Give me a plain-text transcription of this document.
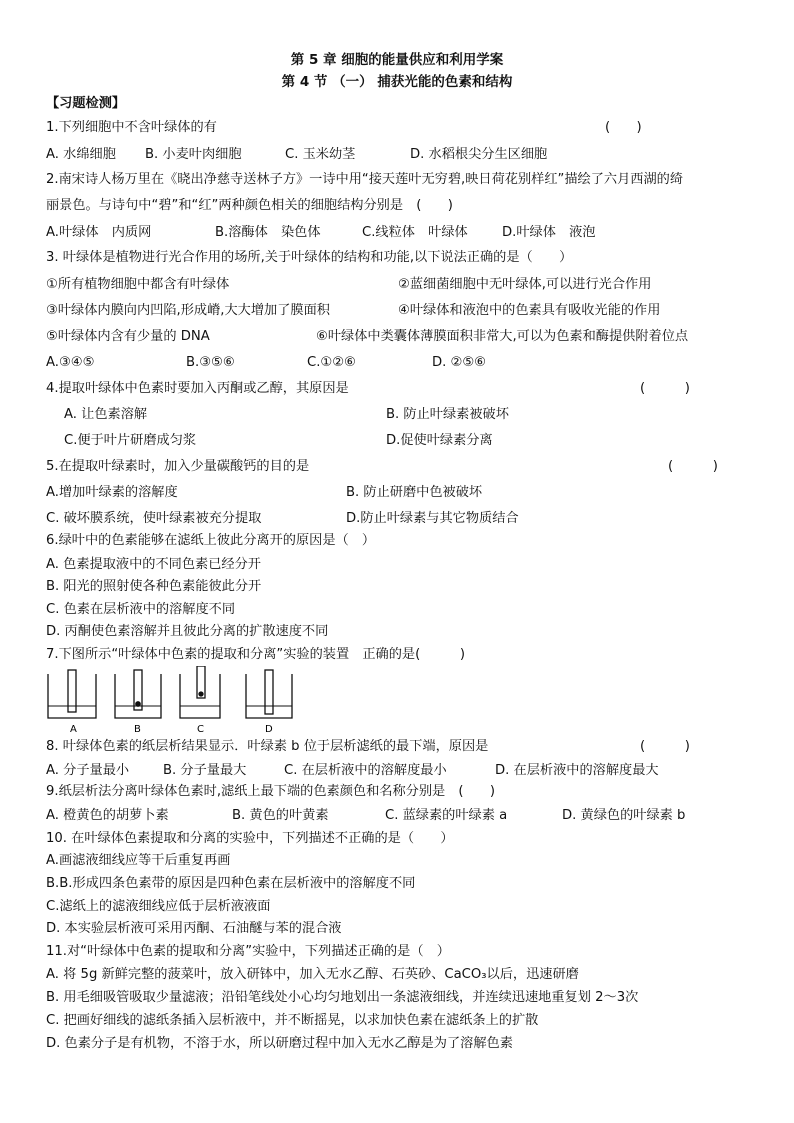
第 5 章 细胞的能量供应和利用学案
第 4 节 （一） 捕获光能的色素和结构
【习题检测】
1.下列细胞中不含叶绿体的有	(　　)
A. 水绵细胞 B. 小麦叶肉细胞	C. 玉米幼茎	D. 水稻根尖分生区细胞
2.南宋诗人杨万里在《晓出净慈寺送林子方》一诗中用“接天莲叶无穷碧,映日荷花别样红”描绘了六月西湖的绮
丽景色。与诗句中“碧”和“红”两种颜色相关的细胞结构分别是　(　　)
A.叶绿体　内质网	B.溶酶体　染色体	C.线粒体　叶绿体	D.叶绿体　液泡
3. 叶绿体是植物进行光合作用的场所,关于叶绿体的结构和功能,以下说法正确的是（　　）
①所有植物细胞中都含有叶绿体	②蓝细菌细胞中无叶绿体,可以进行光合作用
③叶绿体内膜向内凹陷,形成嵴,大大增加了膜面积	④叶绿体和液泡中的色素具有吸收光能的作用
⑤叶绿体内含有少量的 DNA	⑥叶绿体中类囊体薄膜面积非常大,可以为色素和酶提供附着位点
A.③④⑤	B.③⑤⑥	C.①②⑥	D. ②⑤⑥
4.提取叶绿体中色素时要加入丙酮或乙醇，其原因是	(　　　)
A. 让色素溶解	B. 防止叶绿素被破坏
C.便于叶片研磨成匀浆	D.促使叶绿素分离
5.在提取叶绿素时，加入少量碳酸钙的目的是	(　　　)
A.增加叶绿素的溶解度	B. 防止研磨中色被破坏
C. 破坏膜系统，使叶绿素被充分提取	D.防止叶绿素与其它物质结合
6.绿叶中的色素能够在滤纸上彼此分离开的原因是（　）
A. 色素提取液中的不同色素已经分开
B. 阳光的照射使各种色素能彼此分开
C. 色素在层析液中的溶解度不同
D. 丙酮使色素溶解并且彼此分离的扩散速度不同
7.下图所示“叶绿体中色素的提取和分离”实验的装置　正确的是(　　　)
A	B	C	D
8. 叶绿体色素的纸层析结果显示．叶绿素 b 位于层析滤纸的最下端，原因是	(　　　)
A. 分子量最小	B. 分子量最大	C. 在层析液中的溶解度最小	D. 在层析液中的溶解度最大
9.纸层析法分离叶绿体色素时,滤纸上最下端的色素颜色和名称分别是　(　　)
A. 橙黄色的胡萝卜素	B. 黄色的叶黄素	C. 蓝绿素的叶绿素 a	D. 黄绿色的叶绿素 b
10. 在叶绿体色素提取和分离的实验中，下列描述不正确的是（　　）
A.画滤液细线应等干后重复再画
B.B.形成四条色素带的原因是四种色素在层析液中的溶解度不同
C.滤纸上的滤液细线应低于层析液液面
D. 本实验层析液可采用丙酮、石油醚与苯的混合液
11.对“叶绿体中色素的提取和分离”实验中，下列描述正确的是（　）
A. 将 5g 新鲜完整的菠菜叶，放入研钵中，加入无水乙醇、石英砂、CaCO₃以后，迅速研磨
B. 用毛细吸管吸取少量滤液；沿铅笔线处小心均匀地划出一条滤液细线，并连续迅速地重复划 2～3次
C. 把画好细线的滤纸条插入层析液中，并不断摇晃，以求加快色素在滤纸条上的扩散
D. 色素分子是有机物，不溶于水，所以研磨过程中加入无水乙醇是为了溶解色素
